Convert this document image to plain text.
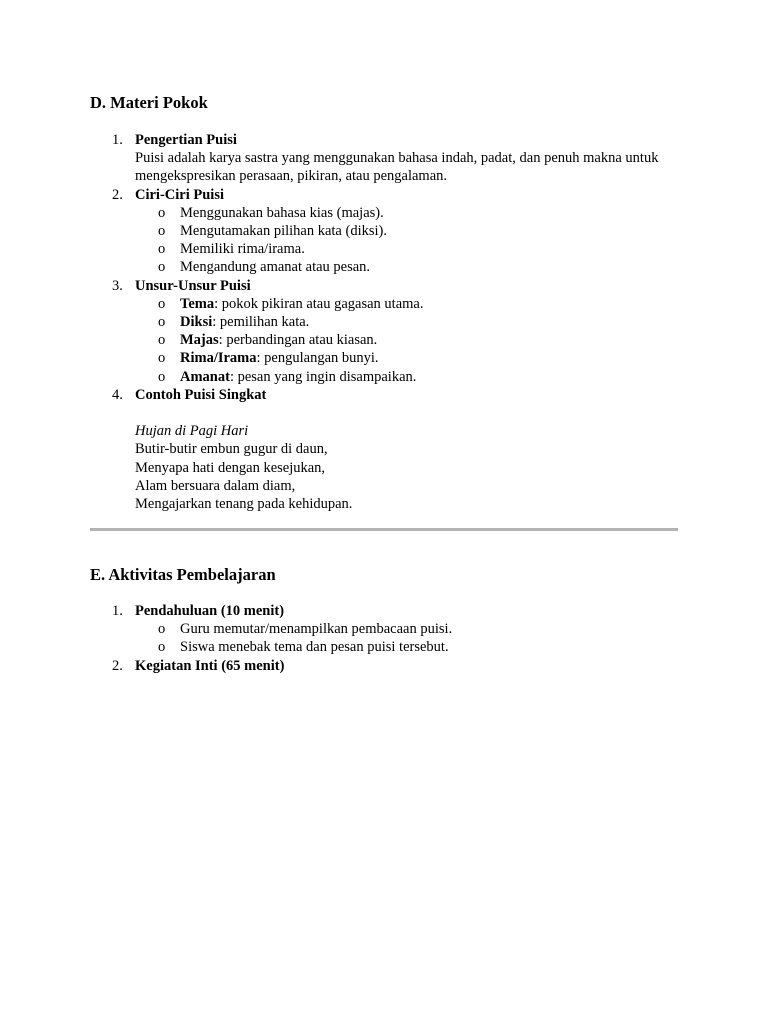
D. Materi Pokok
1. Pengertian Puisi
Puisi adalah karya sastra yang menggunakan bahasa indah, padat, dan penuh makna untuk mengekspresikan perasaan, pikiran, atau pengalaman.
2. Ciri-Ciri Puisi
o Menggunakan bahasa kias (majas).
o Mengutamakan pilihan kata (diksi).
o Memiliki rima/irama.
o Mengandung amanat atau pesan.
3. Unsur-Unsur Puisi
o Tema: pokok pikiran atau gagasan utama.
o Diksi: pemilihan kata.
o Majas: perbandingan atau kiasan.
o Rima/Irama: pengulangan bunyi.
o Amanat: pesan yang ingin disampaikan.
4. Contoh Puisi Singkat
Hujan di Pagi Hari
Butir-butir embun gugur di daun,
Menyapa hati dengan kesejukan,
Alam bersuara dalam diam,
Mengajarkan tenang pada kehidupan.
E. Aktivitas Pembelajaran
1. Pendahuluan (10 menit)
o Guru memutar/menampilkan pembacaan puisi.
o Siswa menebak tema dan pesan puisi tersebut.
2. Kegiatan Inti (65 menit)
